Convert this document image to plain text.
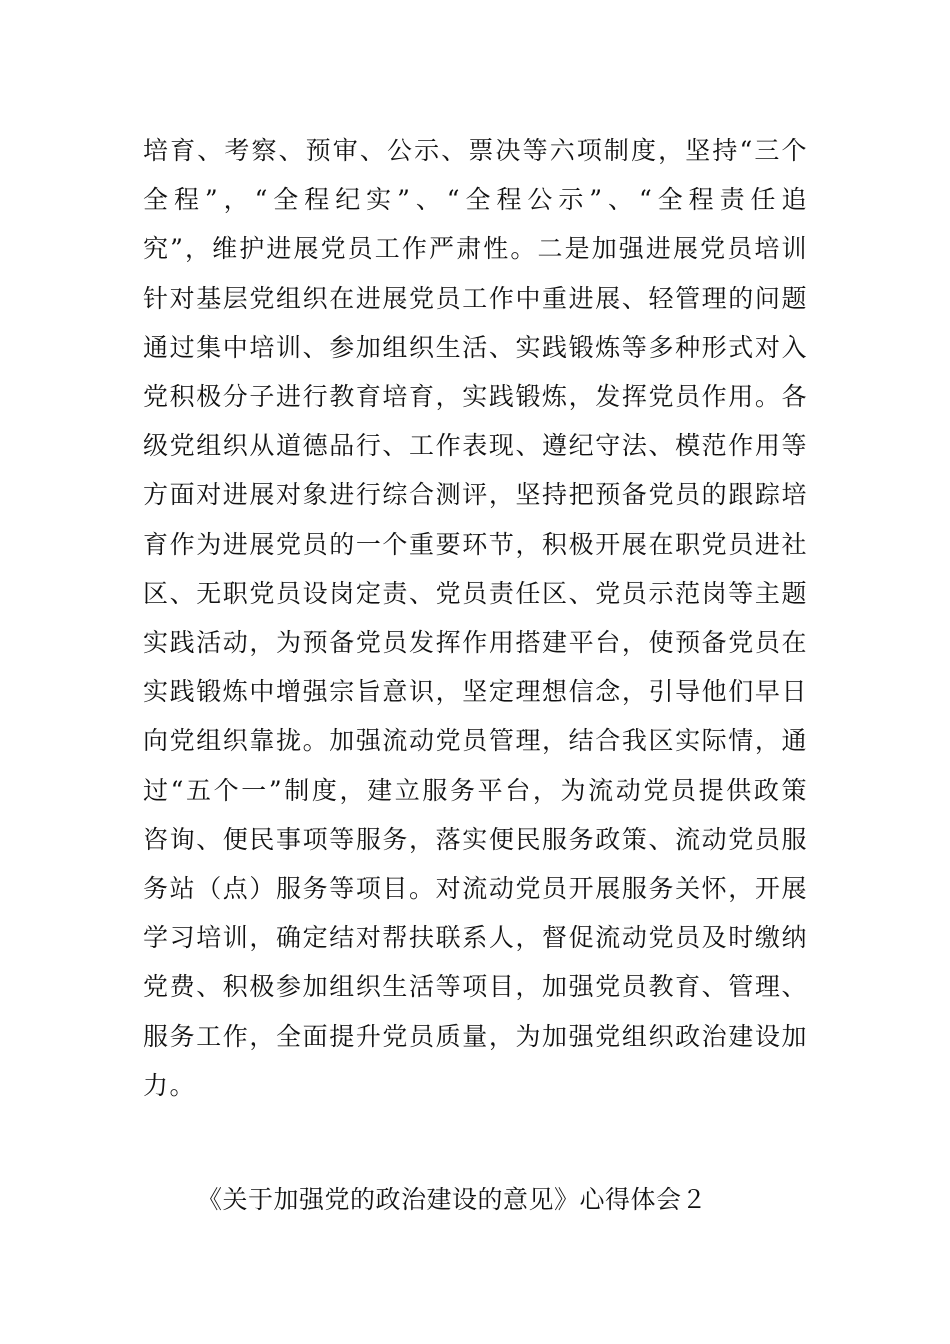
培育、考察、预审、公示、票决等六项制度，坚持“三个
全程”，“全程纪实”、“全程公示”、“全程责任追
究”，维护进展党员工作严肃性。二是加强进展党员培训
针对基层党组织在进展党员工作中重进展、轻管理的问题
通过集中培训、参加组织生活、实践锻炼等多种形式对入
党积极分子进行教育培育，实践锻炼，发挥党员作用。各
级党组织从道德品行、工作表现、遵纪守法、模范作用等
方面对进展对象进行综合测评，坚持把预备党员的跟踪培
育作为进展党员的一个重要环节，积极开展在职党员进社
区、无职党员设岗定责、党员责任区、党员示范岗等主题
实践活动，为预备党员发挥作用搭建平台，使预备党员在
实践锻炼中增强宗旨意识，坚定理想信念，引导他们早日
向党组织靠拢。加强流动党员管理，结合我区实际情，通
过“五个一”制度，建立服务平台，为流动党员提供政策
咨询、便民事项等服务，落实便民服务政策、流动党员服
务站（点）服务等项目。对流动党员开展服务关怀，开展
学习培训，确定结对帮扶联系人，督促流动党员及时缴纳
党费、积极参加组织生活等项目，加强党员教育、管理、
服务工作，全面提升党员质量，为加强党组织政治建设加
力。
《关于加强党的政治建设的意见》心得体会２
